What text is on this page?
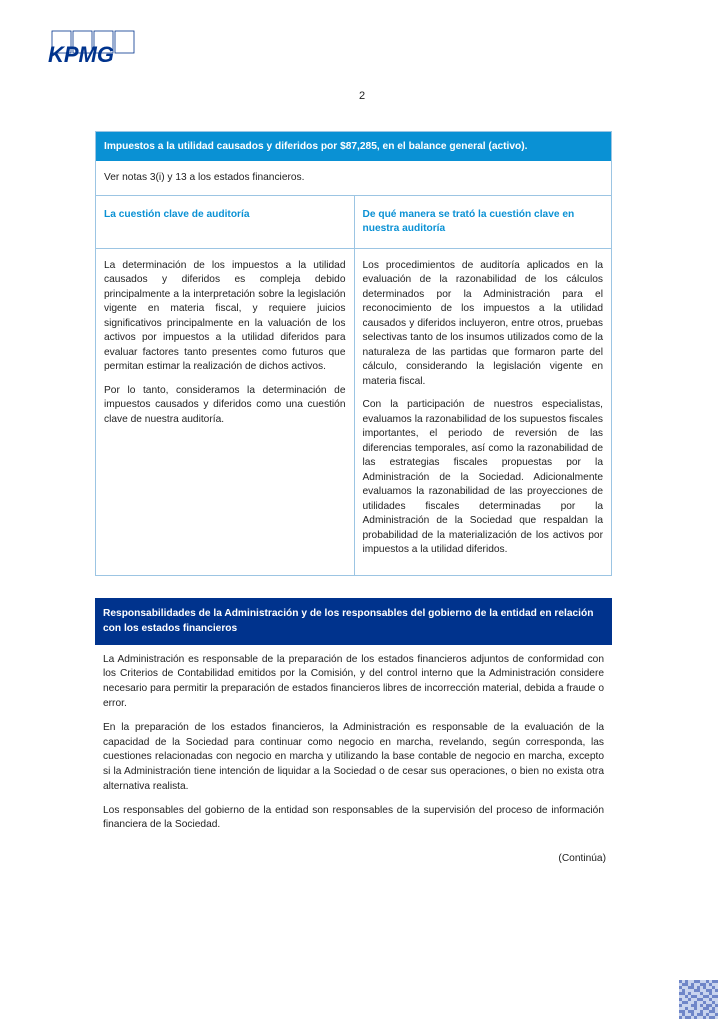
KPMG
2
Impuestos a la utilidad causados y diferidos por $87,285, en el balance general (activo).
Ver notas 3(i) y 13 a los estados financieros.
La cuestión clave de auditoría

La determinación de los impuestos a la utilidad causados y diferidos es compleja debido principalmente a la interpretación sobre la legislación vigente en materia fiscal, y requiere juicios significativos principalmente en la valuación de los activos por impuestos a la utilidad diferidos para evaluar factores tanto presentes como futuros que permitan estimar la realización de dichos activos.

Por lo tanto, consideramos la determinación de impuestos causados y diferidos como una cuestión clave de nuestra auditoría.

De qué manera se trató la cuestión clave en nuestra auditoría

Los procedimientos de auditoría aplicados en la evaluación de la razonabilidad de los cálculos determinados por la Administración para el reconocimiento de los impuestos a la utilidad causados y diferidos incluyeron, entre otros, pruebas selectivas tanto de los insumos utilizados como de la naturaleza de las partidas que formaron parte del cálculo, considerando la legislación vigente en materia fiscal.

Con la participación de nuestros especialistas, evaluamos la razonabilidad de los supuestos fiscales importantes, el periodo de reversión de las diferencias temporales, así como la razonabilidad de las estrategias fiscales propuestas por la Administración de la Sociedad. Adicionalmente evaluamos la razonabilidad de las proyecciones de utilidades fiscales determinadas por la Administración de la Sociedad que respaldan la probabilidad de la materialización de los activos por impuestos a la utilidad diferidos.

Responsabilidades de la Administración y de los responsables del gobierno de la entidad en relación con los estados financieros

La Administración es responsable de la preparación de los estados financieros adjuntos de conformidad con los Criterios de Contabilidad emitidos por la Comisión, y del control interno que la Administración considere necesario para permitir la preparación de estados financieros libres de incorrección material, debida a fraude o error.

En la preparación de los estados financieros, la Administración es responsable de la evaluación de la capacidad de la Sociedad para continuar como negocio en marcha, revelando, según corresponda, las cuestiones relacionadas con negocio en marcha y utilizando la base contable de negocio en marcha, excepto si la Administración tiene intención de liquidar a la Sociedad o de cesar sus operaciones, o bien no exista otra alternativa realista.

Los responsables del gobierno de la entidad son responsables de la supervisión del proceso de información financiera de la Sociedad.

(Continúa)
